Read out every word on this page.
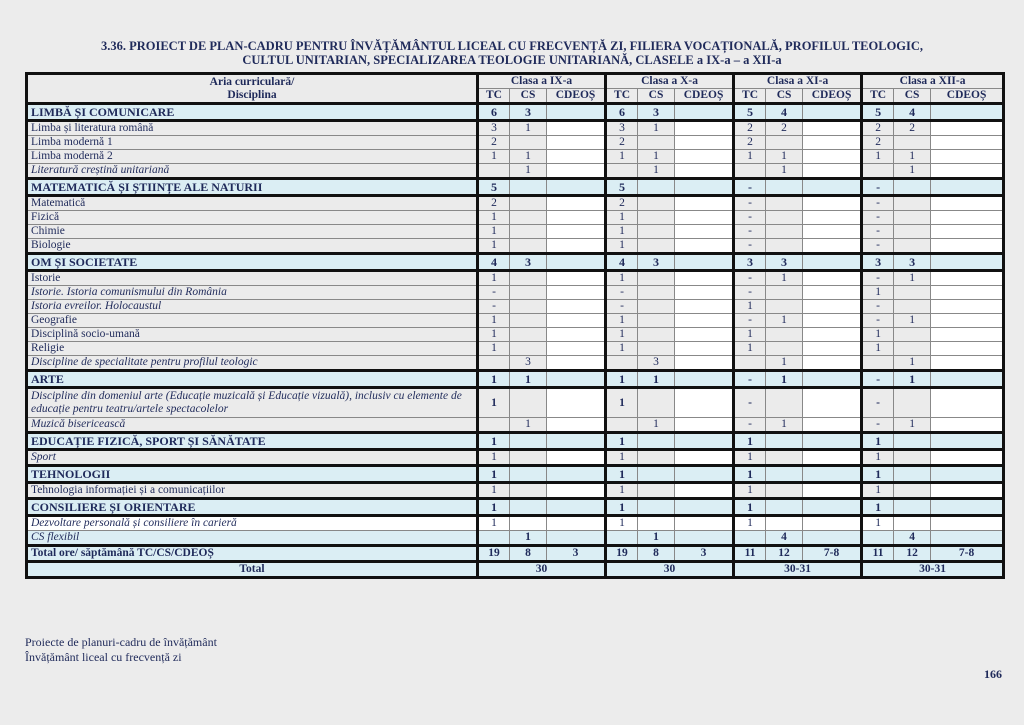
3.36. PROIECT DE PLAN-CADRU PENTRU ÎNVĂȚĂMÂNTUL LICEAL CU FRECVENȚĂ ZI, FILIERA VOCAȚIONALĂ, PROFILUL TEOLOGIC,
CULTUL UNITARIAN, SPECIALIZAREA TEOLOGIE UNITARIANĂ, CLASELE a IX-a – a XII-a
Aria curriculară/
Disciplina	Clasa a IX-a			Clasa a X-a			Clasa a XI-a			Clasa a XII-a		
	TC	CS	CDEOȘ	TC	CS	CDEOȘ	TC	CS	CDEOȘ	TC	CS	CDEOȘ
LIMBĂ ȘI COMUNICARE	6	3		6	3		5	4		5	4	
Limba și literatura română	3	1		3	1		2	2		2	2	
Limba modernă 1	2			2			2			2		
Limba modernă 2	1	1		1	1		1	1		1	1	
Literatură creștină unitariană		1			1			1			1	
MATEMATICĂ ȘI ȘTIINȚE ALE NATURII	5			5			-			-		
Matematică	2			2			-			-		
Fizică	1			1			-			-		
Chimie	1			1			-			-		
Biologie	1			1			-			-		
OM ȘI SOCIETATE	4	3		4	3		3	3		3	3	
Istorie	1			1			-	1		-	1	
Istorie. Istoria comunismului din România	-			-			-			1		
Istoria evreilor. Holocaustul	-			-			1			-		
Geografie	1			1			-	1		-	1	
Disciplină socio-umană	1			1			1			1		
Religie	1			1			1			1		
Discipline de specialitate pentru profilul teologic		3			3			1			1	
ARTE	1	1		1	1		-	1		-	1	
Discipline din domeniul arte (Educație muzicală și Educație vizuală), inclusiv cu elemente de educație pentru teatru/artele spectacolelor	1			1			-			-		
Muzică bisericească		1			1		-	1		-	1	
EDUCAȚIE FIZICĂ, SPORT ȘI SĂNĂTATE	1			1			1			1		
Sport	1			1			1			1		
TEHNOLOGII	1			1			1			1		
Tehnologia informației și a comunicațiilor	1			1			1			1		
CONSILIERE ȘI ORIENTARE	1			1			1			1		
Dezvoltare personală și consiliere în carieră	1			1			1			1		
CS flexibil		1			1			4			4	
Total ore/ săptămână TC/CS/CDEOȘ	19	8	3	19	8	3	11	12	7-8	11	12	7-8
Total	30			30			30-31			30-31		
Proiecte de planuri-cadru de învățământ
Învățământ liceal cu frecvență zi
166
